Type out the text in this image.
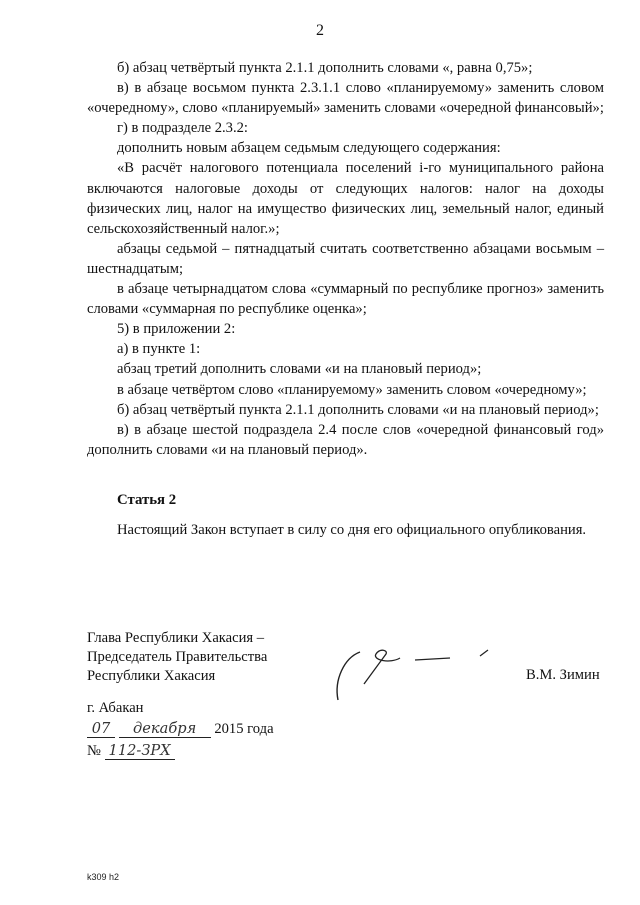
2

б) абзац четвёртый пункта 2.1.1 дополнить словами «, равна 0,75»;

в) в абзаце восьмом пункта 2.3.1.1 слово «планируемому» заменить словом «очередному», слово «планируемый» заменить словами «очередной финансовый»;

г) в подразделе 2.3.2:

дополнить новым абзацем седьмым следующего содержания:

«В расчёт налогового потенциала поселений i-го муниципального района включаются налоговые доходы от следующих налогов: налог на доходы физических лиц, налог на имущество физических лиц, земельный налог, единый сельскохозяйственный налог.»;

абзацы седьмой – пятнадцатый считать соответственно абзацами восьмым – шестнадцатым;

в абзаце четырнадцатом слова «суммарный по республике прогноз» заменить словами «суммарная по республике оценка»;

5) в приложении 2:

а) в пункте 1:

абзац третий дополнить словами «и на плановый период»;

в абзаце четвёртом слово «планируемому» заменить словом «очередному»;

б) абзац четвёртый пункта 2.1.1 дополнить словами «и на плановый период»;

в) в абзаце шестой подраздела 2.4 после слов «очередной финансовый год» дополнить словами «и на плановый период».

Статья 2
Настоящий Закон вступает в силу со дня его официального опубликования.
Глава Республики Хакасия –
Председатель Правительства
Республики Хакасия	В.М. Зимин
г. Абакан
07 декабря 2015 года
№ 112-ЗРХ
k309 h2
